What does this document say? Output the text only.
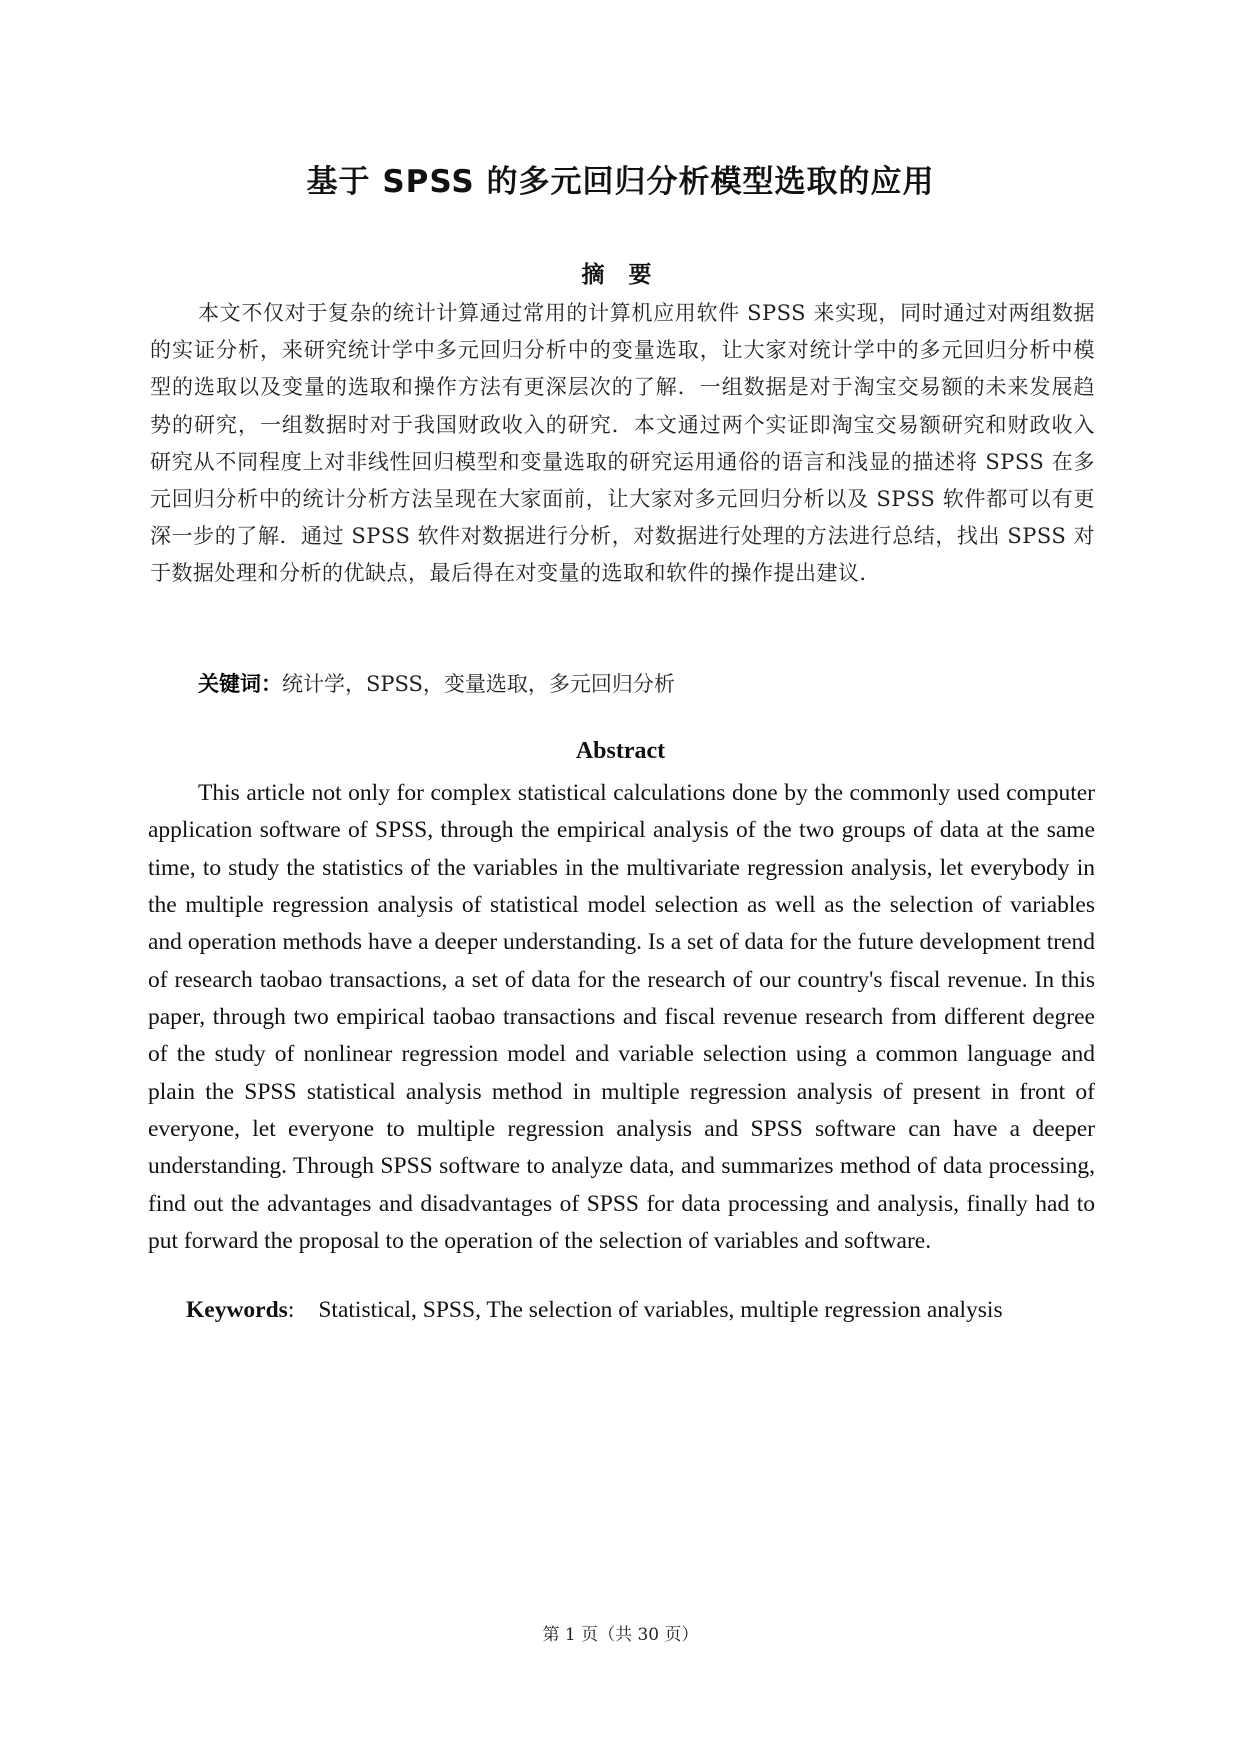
基于 SPSS 的多元回归分析模型选取的应用
摘 要

本文不仅对于复杂的统计计算通过常用的计算机应用软件 SPSS 来实现，同时通过对两组数据的实证分析，来研究统计学中多元回归分析中的变量选取，让大家对统计学中的多元回归分析中模型的选取以及变量的选取和操作方法有更深层次的了解．一组数据是对于淘宝交易额的未来发展趋势的研究，一组数据时对于我国财政收入的研究．本文通过两个实证即淘宝交易额研究和财政收入研究从不同程度上对非线性回归模型和变量选取的研究运用通俗的语言和浅显的描述将 SPSS 在多元回归分析中的统计分析方法呈现在大家面前，让大家对多元回归分析以及 SPSS 软件都可以有更深一步的了解．通过 SPSS 软件对数据进行分析，对数据进行处理的方法进行总结，找出 SPSS 对于数据处理和分析的优缺点，最后得在对变量的选取和软件的操作提出建议．

关键词：统计学，SPSS，变量选取，多元回归分析
Abstract

This article not only for complex statistical calculations done by the commonly used computer application software of SPSS, through the empirical analysis of the two groups of data at the same time, to study the statistics of the variables in the multivariate regression analysis, let everybody in the multiple regression analysis of statistical model selection as well as the selection of variables and operation methods have a deeper understanding. Is a set of data for the future development trend of research taobao transactions, a set of data for the research of our country's fiscal revenue. In this paper, through two empirical taobao transactions and fiscal revenue research from different degree of the study of nonlinear regression model and variable selection using a common language and plain the SPSS statistical analysis method in multiple regression analysis of present in front of everyone, let everyone to multiple regression analysis and SPSS software can have a deeper understanding. Through SPSS software to analyze data, and summarizes method of data processing, find out the advantages and disadvantages of SPSS for data processing and analysis, finally had to put forward the proposal to the operation of the selection of variables and software.

Keywords: Statistical, SPSS, The selection of variables, multiple regression analysis
第 1 页（共 30 页）
